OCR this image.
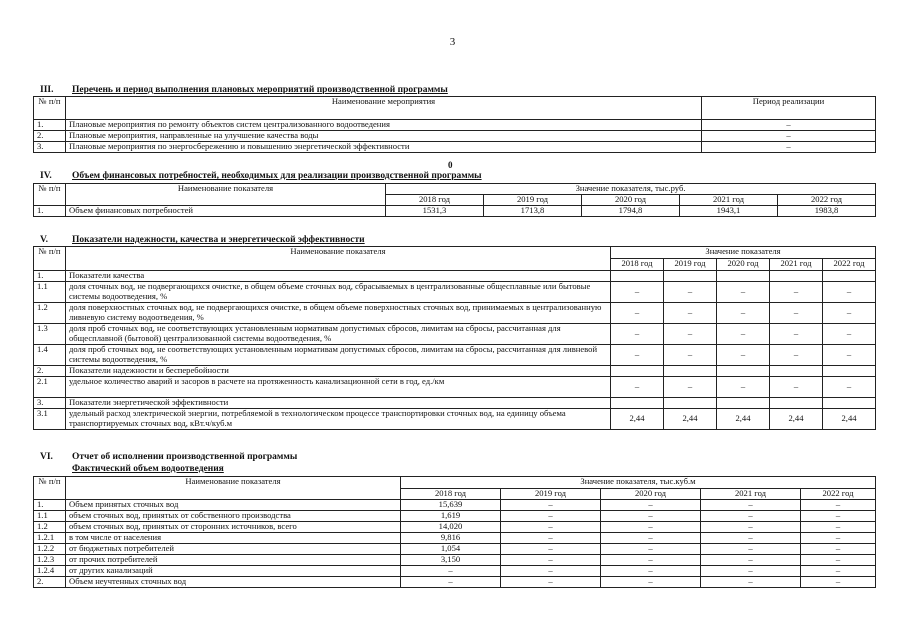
3
III. Перечень и период выполнения плановых мероприятий производственной программы
№ п/п	Наименование мероприятия	Период реализации
1.	Плановые мероприятия по ремонту объектов систем централизованного водоотведения	–
2.	Плановые мероприятия, направленные на улучшение качества воды	–
3.	Плановые мероприятия по энергосбережению и повышению энергетической эффективности	–
0
IV. Объем финансовых потребностей, необходимых для реализации производственной программы
№ п/п	Наименование показателя	Значение показателя, тыс.руб.				
		2018 год	2019 год	2020 год	2021 год	2022 год
1.	Объем финансовых потребностей	1531,3	1713,8	1794,8	1943,1	1983,8
V.	Показатели надежности, качества и энергетической эффективности
№ п/п	Наименование показателя	Значение показателя				
		2018 год	2019 год	2020 год	2021 год	2022 год
1.	Показатели качества					
1.1	доля сточных вод, не подвергающихся очистке, в общем объеме сточных вод, сбрасываемых в централизованные общесплавные или бытовые системы водоотведения, %	–	–	–	–	–
1.2	доля поверхностных сточных вод, не подвергающихся очистке, в общем объеме поверхностных сточных вод, принимаемых в централизованную ливневую систему водоотведения, %	–	–	–	–	–
1.3	доля проб сточных вод, не соответствующих установленным нормативам допустимых сбросов, лимитам на сбросы, рассчитанная для общесплавной (бытовой) централизованной системы водоотведения, %	–	–	–	–	–
1.4	доля проб сточных вод, не соответствующих установленным нормативам допустимых сбросов, лимитам на сбросы, рассчитанная для ливневой системы водоотведения, %	–	–	–	–	–
2.	Показатели надежности и бесперебойности					
2.1	удельное количество аварий и засоров в расчете на протяженность канализационной сети в год, ед./км	–	–	–	–	–
3.	Показатели энергетической эффективности					
3.1	удельный расход электрической энергии, потребляемой в технологическом процессе транспортировки сточных вод, на единицу объема транспортируемых сточных вод, кВт.ч/куб.м	2,44	2,44	2,44	2,44	2,44
VI. Отчет об исполнении производственной программы
Фактический объем водоотведения
№ п/п	Наименование показателя	Значение показателя, тыс.куб.м				
		2018 год	2019 год	2020 год	2021 год	2022 год
1.	Объем принятых сточных вод	15,639	–	–	–	–
1.1	объем сточных вод, принятых от собственного производства	1,619	–	–	–	–
1.2	объем сточных вод, принятых от сторонних источников, всего	14,020	–	–	–	–
1.2.1	в том числе от населения	9,816	–	–	–	–
1.2.2	от бюджетных потребителей	1,054	–	–	–	–
1.2.3	от прочих потребителей	3,150	–	–	–	–
1.2.4	от других канализаций	–	–	–	–	–
2.	Объем неучтенных сточных вод	–	–	–	–	–
